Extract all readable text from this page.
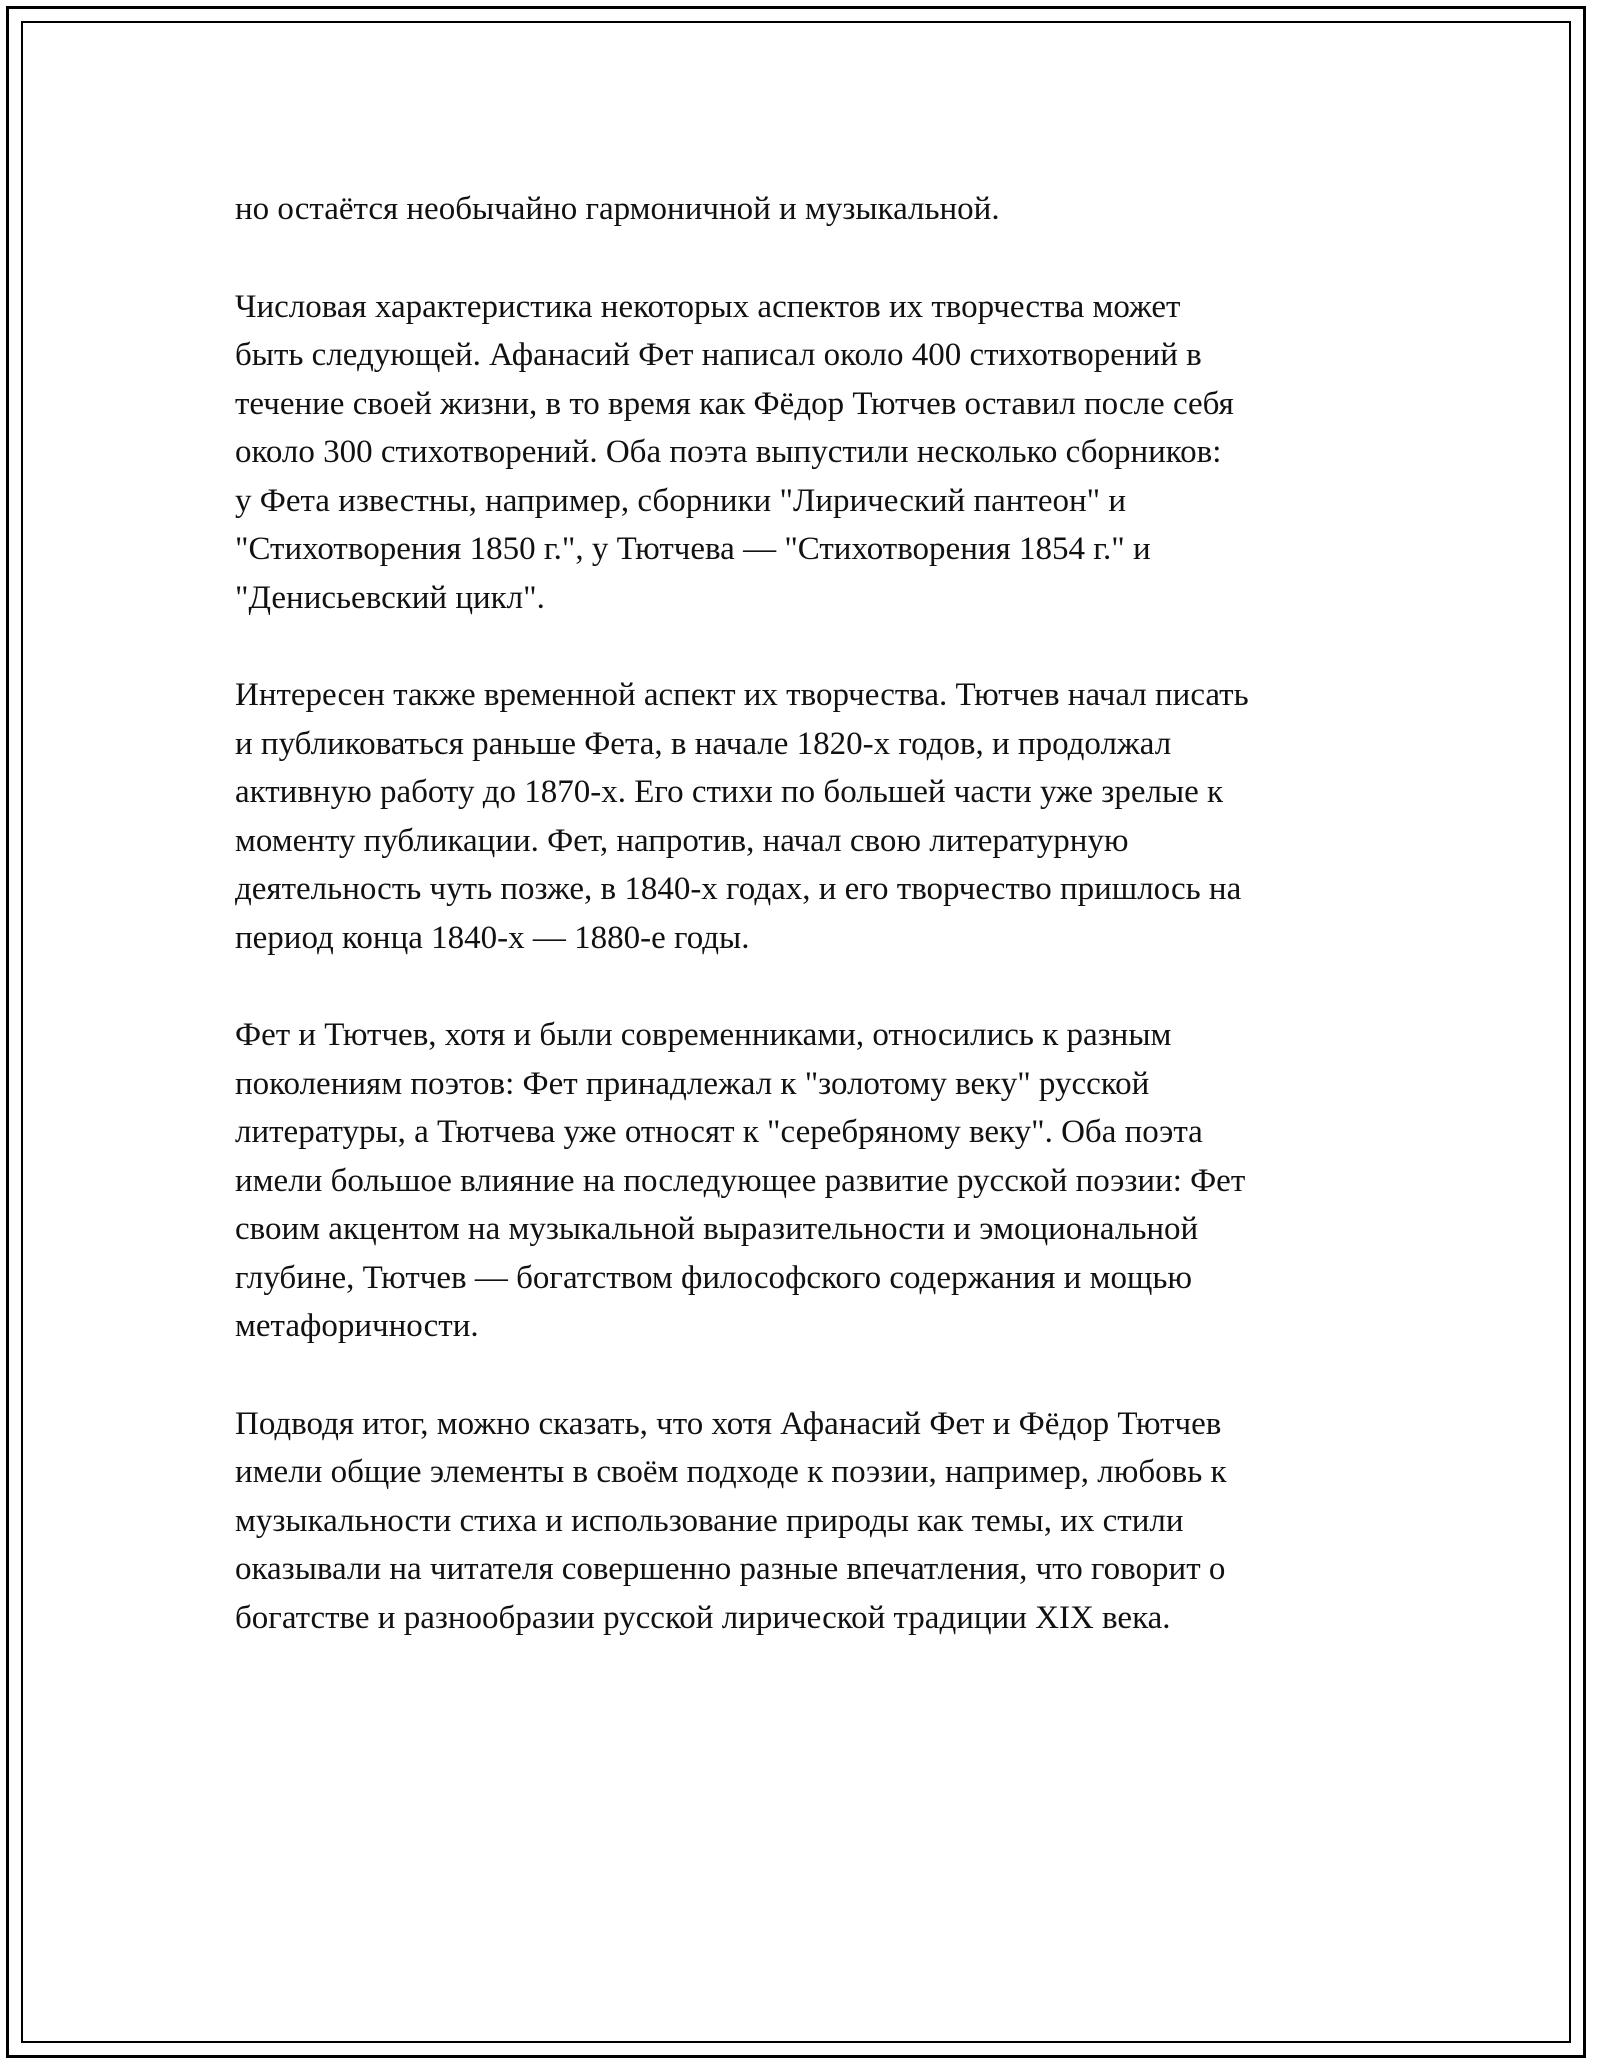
но остаётся необычайно гармоничной и музыкальной.

Числовая характеристика некоторых аспектов их творчества может
быть следующей. Афанасий Фет написал около 400 стихотворений в
течение своей жизни, в то время как Фёдор Тютчев оставил после себя
около 300 стихотворений. Оба поэта выпустили несколько сборников:
у Фета известны, например, сборники "Лирический пантеон" и
"Стихотворения 1850 г.", у Тютчева — "Стихотворения 1854 г." и
"Денисьевский цикл".

Интересен также временной аспект их творчества. Тютчев начал писать
и публиковаться раньше Фета, в начале 1820-х годов, и продолжал
активную работу до 1870-х. Его стихи по большей части уже зрелые к
моменту публикации. Фет, напротив, начал свою литературную
деятельность чуть позже, в 1840-х годах, и его творчество пришлось на
период конца 1840-х — 1880-е годы.

Фет и Тютчев, хотя и были современниками, относились к разным
поколениям поэтов: Фет принадлежал к "золотому веку" русской
литературы, а Тютчева уже относят к "серебряному веку". Оба поэта
имели большое влияние на последующее развитие русской поэзии: Фет
своим акцентом на музыкальной выразительности и эмоциональной
глубине, Тютчев — богатством философского содержания и мощью
метафоричности.

Подводя итог, можно сказать, что хотя Афанасий Фет и Фёдор Тютчев
имели общие элементы в своём подходе к поэзии, например, любовь к
музыкальности стиха и использование природы как темы, их стили
оказывали на читателя совершенно разные впечатления, что говорит о
богатстве и разнообразии русской лирической традиции XIX века.
